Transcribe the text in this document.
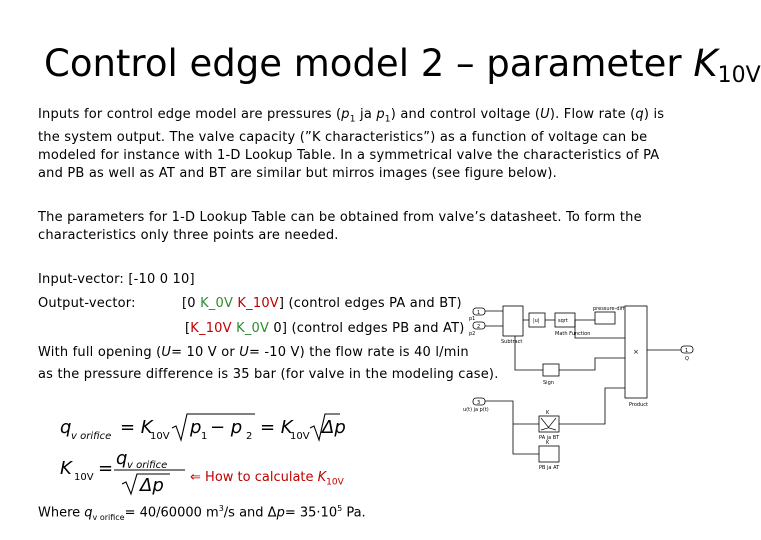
Control edge model 2 – parameter $K_{10V}$
Inputs for control edge model are pressures ($p_1$ ja $p_1$) and control voltage (U). Flow rate (q) is the system output. The valve capacity (”K characteristics”) as a function of voltage can be modeled for instance with 1-D Lookup Table. In a symmetrical valve the characteristics of PA and PB as well as AT and BT are similar but mirros images (see figure below).
The parameters for 1-D Lookup Table can be obtained from valve’s datasheet. To form the characteristics only three points are needed.
Input-vector: [-10 0 10]
Output-vector:	[0 K_0V K_10V] (control edges PA and BT)
[K_10V K_0V 0] (control edges PB and AT)
With full opening (U= 10 V or U= -10 V) the flow rate is 40 l/min
as the pressure difference is 35 bar (for valve in the modeling case).
q v orifice = K
10V p 1 − p 2 = K
10V Δp
K 10V = q v orifice
Δp ⇐ How to calculate $K_{10V}$
Where $q_{v orifice}= 40/60000$ $m^3/s$ and $\Delta p= 35\cdot 10^5$ Pa.
1
p1
2
p2
3
u(t) ja p(t)
Subtract
|u|	sqrt
Math Function
Sign
pressure-diff
×
Product
1
Q
K
PA ja BT
K
PB ja AT
